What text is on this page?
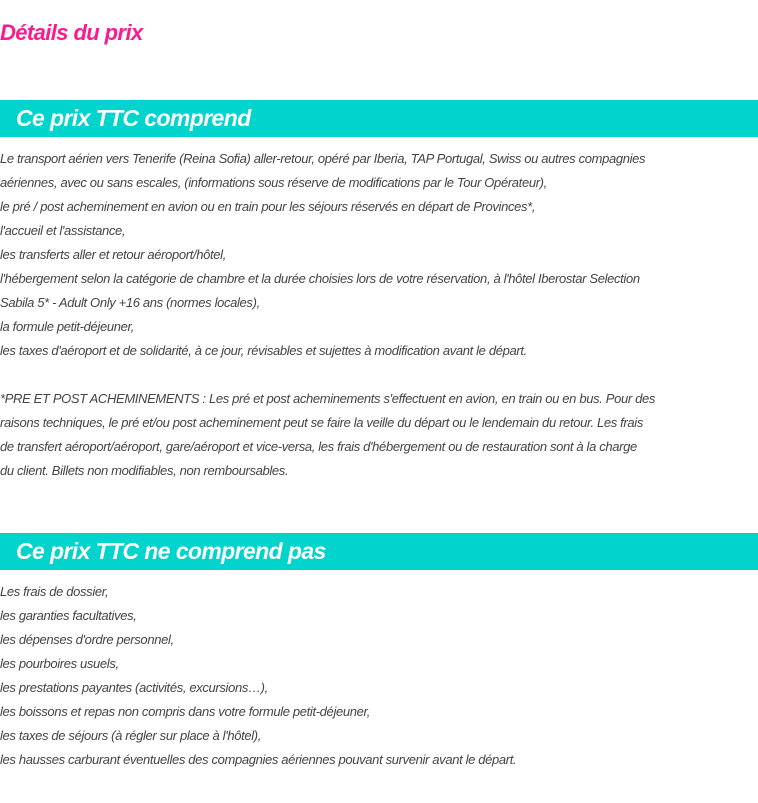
Détails du prix
Ce prix TTC comprend
Le transport aérien vers Tenerife (Reina Sofia) aller-retour, opéré par Iberia, TAP Portugal, Swiss ou autres compagnies
aériennes, avec ou sans escales, (informations sous réserve de modifications par le Tour Opérateur),
le pré / post acheminement en avion ou en train pour les séjours réservés en départ de Provinces*,
l'accueil et l'assistance,
les transferts aller et retour aéroport/hôtel,
l'hébergement selon la catégorie de chambre et la durée choisies lors de votre réservation, à l'hôtel Iberostar Selection
Sabila 5* - Adult Only +16 ans (normes locales),
la formule petit-déjeuner,
les taxes d'aéroport et de solidarité, à ce jour, révisables et sujettes à modification avant le départ.
*PRE ET POST ACHEMINEMENTS : Les pré et post acheminements s'effectuent en avion, en train ou en bus. Pour des
raisons techniques, le pré et/ou post acheminement peut se faire la veille du départ ou le lendemain du retour. Les frais
de transfert aéroport/aéroport, gare/aéroport et vice-versa, les frais d'hébergement ou de restauration sont à la charge
du client. Billets non modifiables, non remboursables.
Ce prix TTC ne comprend pas
Les frais de dossier,
les garanties facultatives,
les dépenses d'ordre personnel,
les pourboires usuels,
les prestations payantes (activités, excursions…),
les boissons et repas non compris dans votre formule petit-déjeuner,
les taxes de séjours (à régler sur place à l'hôtel),
les hausses carburant éventuelles des compagnies aériennes pouvant survenir avant le départ.
